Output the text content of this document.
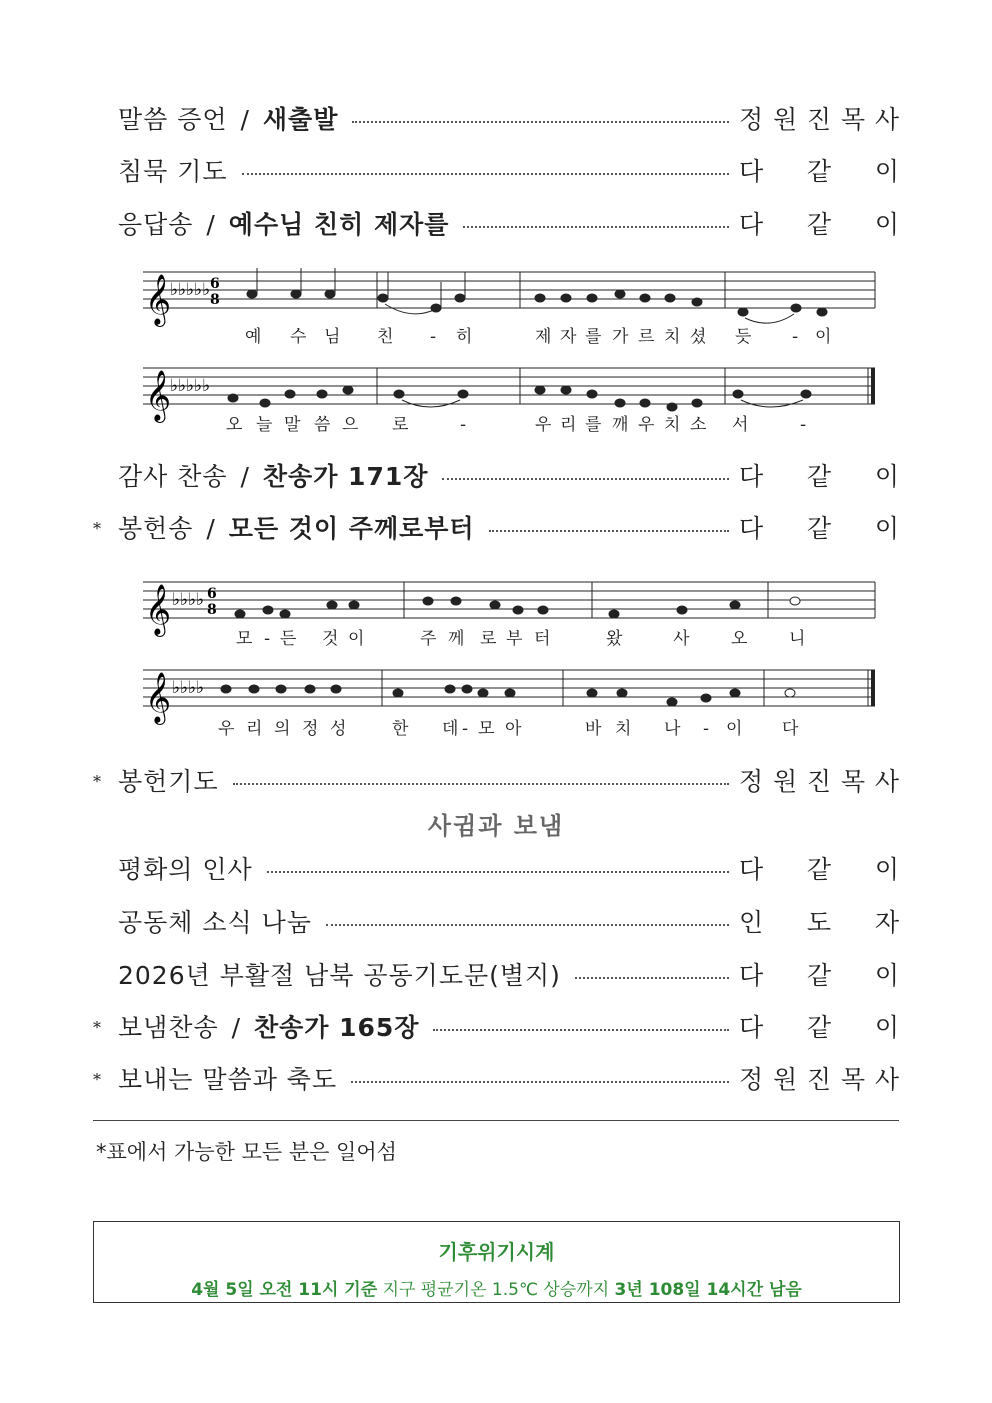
말씀 증언 / 새출발	정 원 진 목 사
침묵 기도	다 같 이
응답송 / 예수님 친히 제자를	다 같 이
𝄞
♭♭♭♭♭ 6
8
예 수 님 친 - 히	제 자 를 가 르 치 셨 듯 - 이
𝄞
♭♭♭♭♭
오 늘 말 씀 으 로	-	우 리 를 깨 우 치 소 서	-
감사 찬송 / 찬송가 171장	다 같 이
* 봉헌송 / 모든 것이 주께로부터	다 같 이
𝄞 ♭♭♭♭ 6
8
모 - 든 것 이	주 께 로 부 터	왔	사 오 니
𝄞 ♭♭♭♭
우 리 의 정 성	한 데 - 모 아	바 치 나 - 이 다
* 봉헌기도	정 원 진 목 사
사귐과 보냄
평화의 인사	다 같 이
공동체 소식 나눔	인 도 자
2026년 부활절 남북 공동기도문(별지)	다 같 이
* 보냄찬송 / 찬송가 165장	다 같 이
* 보내는 말씀과 축도	정 원 진 목 사
*표에서 가능한 모든 분은 일어섬
기후위기시계
4월 5일 오전 11시 기준 지구 평균기온 1.5℃ 상승까지 3년 108일 14시간 남음
